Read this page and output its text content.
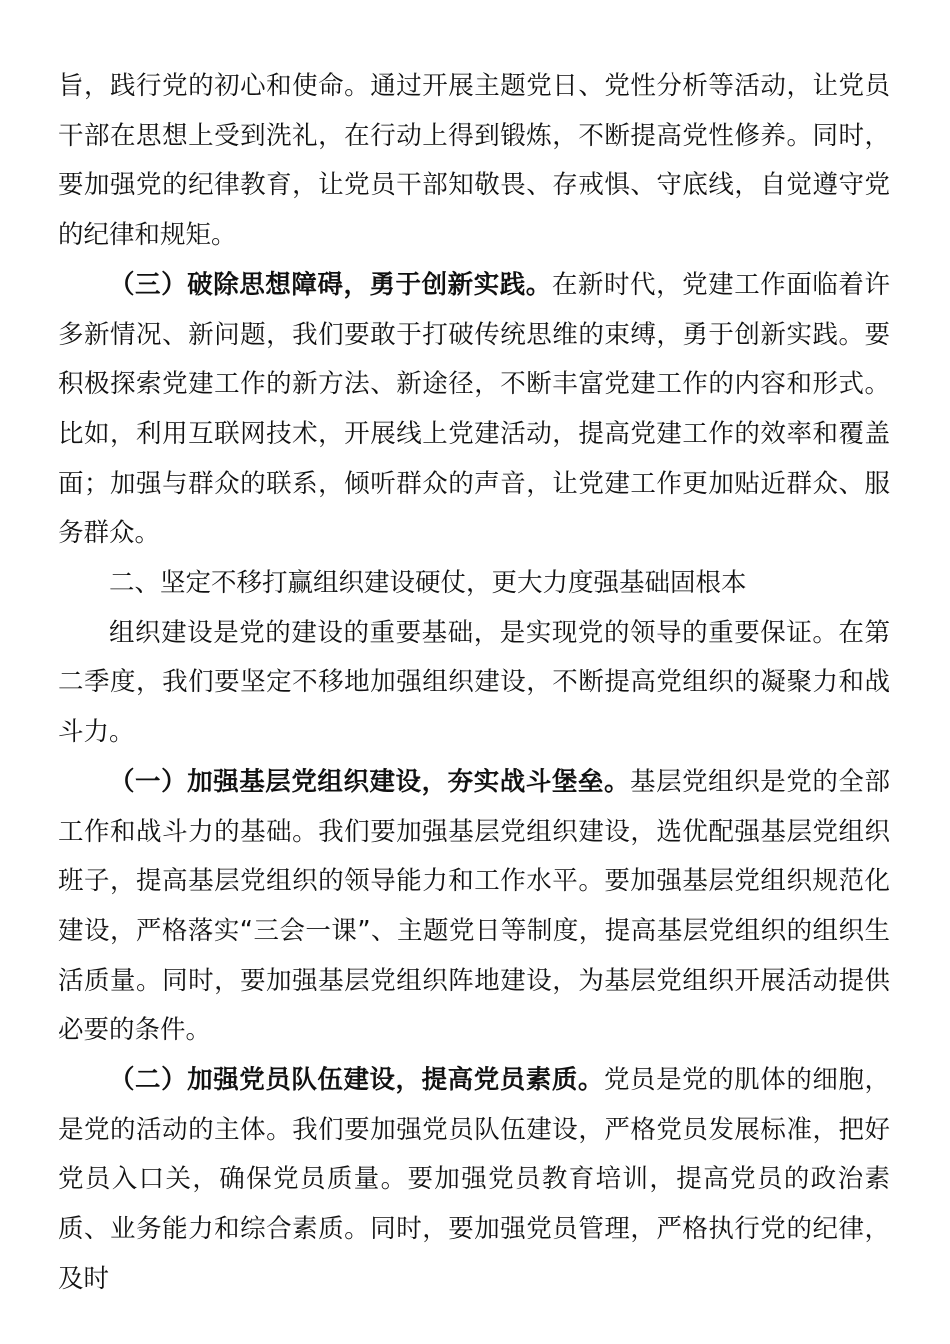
旨，践行党的初心和使命。通过开展主题党日、党性分析等活动，让党员干部在思想上受到洗礼，在行动上得到锻炼，不断提高党性修养。同时，要加强党的纪律教育，让党员干部知敬畏、存戒惧、守底线，自觉遵守党的纪律和规矩。

（三）破除思想障碍，勇于创新实践。在新时代，党建工作面临着许多新情况、新问题，我们要敢于打破传统思维的束缚，勇于创新实践。要积极探索党建工作的新方法、新途径，不断丰富党建工作的内容和形式。比如，利用互联网技术，开展线上党建活动，提高党建工作的效率和覆盖面；加强与群众的联系，倾听群众的声音，让党建工作更加贴近群众、服务群众。

二、坚定不移打赢组织建设硬仗，更大力度强基础固根本

组织建设是党的建设的重要基础，是实现党的领导的重要保证。在第二季度，我们要坚定不移地加强组织建设，不断提高党组织的凝聚力和战斗力。

（一）加强基层党组织建设，夯实战斗堡垒。基层党组织是党的全部工作和战斗力的基础。我们要加强基层党组织建设，选优配强基层党组织班子，提高基层党组织的领导能力和工作水平。要加强基层党组织规范化建设，严格落实“三会一课”、主题党日等制度，提高基层党组织的组织生活质量。同时，要加强基层党组织阵地建设，为基层党组织开展活动提供必要的条件。

（二）加强党员队伍建设，提高党员素质。党员是党的肌体的细胞，是党的活动的主体。我们要加强党员队伍建设，严格党员发展标准，把好党员入口关，确保党员质量。要加强党员教育培训，提高党员的政治素质、业务能力和综合素质。同时，要加强党员管理，严格执行党的纪律，及时
